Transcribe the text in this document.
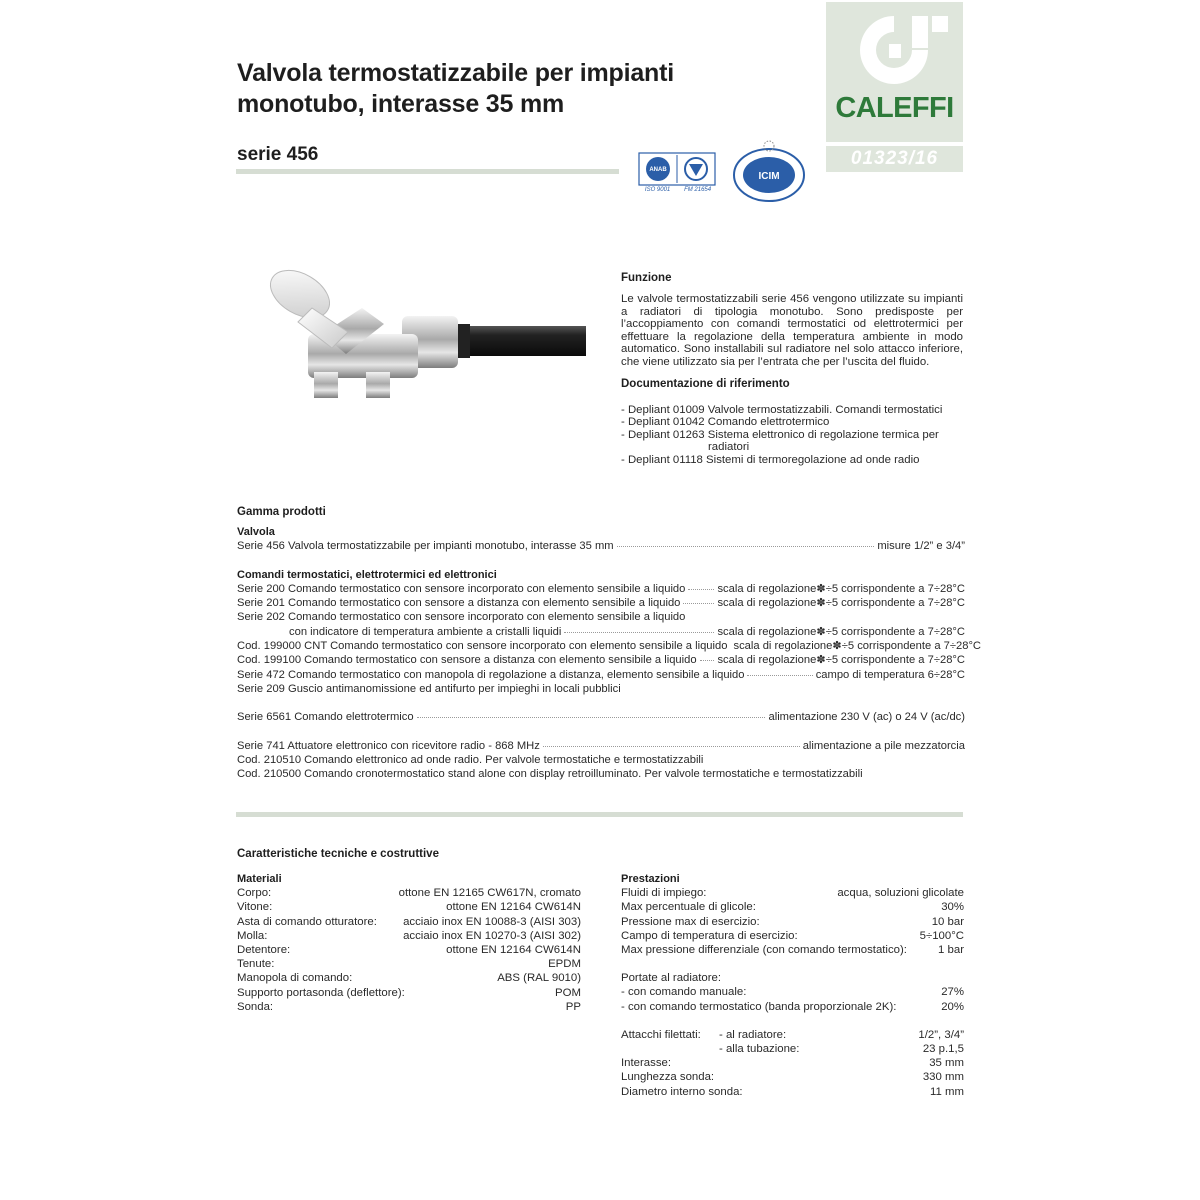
Valvola termostatizzabile per impianti
monotubo, interasse 35 mm
serie 456
CALEFFI
01323/16
ANAB
ISO 9001 FM 21654
ICIM
Funzione
Le valvole termostatizzabili serie 456 vengono utilizzate su impianti a radiatori di tipologia monotubo. Sono predisposte per l’accoppiamento con comandi termostatici od elettrotermici per effettuare la regolazione della temperatura ambiente in modo automatico. Sono installabili sul radiatore nel solo attacco inferiore, che viene utilizzato sia per l’entrata che per l’uscita del fluido.
Documentazione di riferimento
- Depliant 01009 Valvole termostatizzabili. Comandi termostatici
- Depliant 01042 Comando elettrotermico
- Depliant 01263 Sistema elettronico di regolazione termica per
radiatori
- Depliant 01118 Sistemi di termoregolazione ad onde radio
Gamma prodotti
Valvola
Serie 456 Valvola termostatizzabile per impianti monotubo, interasse 35 mm	misure 1/2” e 3/4”
Comandi termostatici, elettrotermici ed elettronici
Serie 200 Comando termostatico con sensore incorporato con elemento sensibile a liquido	scala di regolazione✽÷5 corrispondente a 7÷28°C
Serie 201 Comando termostatico con sensore a distanza con elemento sensibile a liquido	scala di regolazione✽÷5 corrispondente a 7÷28°C
Serie 202 Comando termostatico con sensore incorporato con elemento sensibile a liquido
con indicatore di temperatura ambiente a cristalli liquidi	scala di regolazione✽÷5 corrispondente a 7÷28°C
Cod. 199000 CNT Comando termostatico con sensore incorporato con elemento sensibile a liquido scala di regolazione✽÷5 corrispondente a 7÷28°C
Cod. 199100 Comando termostatico con sensore a distanza con elemento sensibile a liquido scala di regolazione✽÷5 corrispondente a 7÷28°C
Serie 472 Comando termostatico con manopola di regolazione a distanza, elemento sensibile a liquido	campo di temperatura 6÷28°C
Serie 209 Guscio antimanomissione ed antifurto per impieghi in locali pubblici
Serie 6561 Comando elettrotermico	alimentazione 230 V (ac) o 24 V (ac/dc)
Serie 741 Attuatore elettronico con ricevitore radio - 868 MHz	alimentazione a pile mezzatorcia
Cod. 210510 Comando elettronico ad onde radio. Per valvole termostatiche e termostatizzabili
Cod. 210500 Comando cronotermostatico stand alone con display retroilluminato. Per valvole termostatiche e termostatizzabili
Caratteristiche tecniche e costruttive
Materiali
Corpo:	ottone EN 12165 CW617N, cromato
Vitone:	ottone EN 12164 CW614N
Asta di comando otturatore: acciaio inox EN 10088-3 (AISI 303)
Molla:	acciaio inox EN 10270-3 (AISI 302)
Detentore:	ottone EN 12164 CW614N
Tenute:	EPDM
Manopola di comando:	ABS (RAL 9010)
Supporto portasonda (deflettore):	POM
Sonda:	PP
Prestazioni
Fluidi di impiego:	acqua, soluzioni glicolate
Max percentuale di glicole:	30%
Pressione max di esercizio:	10 bar
Campo di temperatura di esercizio:	5÷100°C
Max pressione differenziale (con comando termostatico):	1 bar
Portate al radiatore:
- con comando manuale:	27%
- con comando termostatico (banda proporzionale 2K):	20%
Attacchi filettati:	- al radiatore:	1/2”, 3/4”
- alla tubazione:	23 p.1,5
Interasse:	35 mm
Lunghezza sonda:	330 mm
Diametro interno sonda:	11 mm
